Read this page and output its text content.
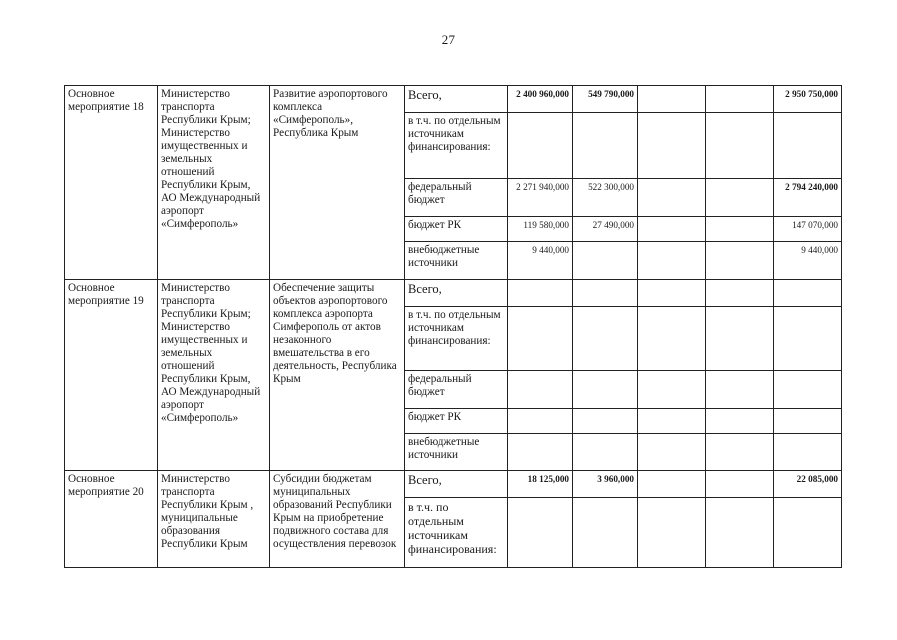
27
Основное мероприятие 18	Министерство транспорта Республики Крым; Министерство имущественных и земельных отношений Республики Крым, АО Международный аэропорт «Симферополь»	Развитие аэропортового комплекса «Симферополь», Республика Крым	Всего,	2 400 960,000	549 790,000			2 950 750,000
			в т.ч. по отдельным источникам финансирования:					
			федеральный бюджет	2 271 940,000	522 300,000			2 794 240,000
			бюджет РК	119 580,000	27 490,000			147 070,000
			внебюджетные источники	9 440,000				9 440,000
Основное мероприятие 19	Министерство транспорта Республики Крым; Министерство имущественных и земельных отношений Республики Крым, АО Международный аэропорт «Симферополь»	Обеспечение защиты объектов аэропортового комплекса аэропорта Симферополь от актов незаконного вмешательства в его деятельность, Республика Крым	Всего,					
			в т.ч. по отдельным источникам финансирования:					
			федеральный бюджет					
			бюджет РК					
			внебюджетные источники					
Основное мероприятие 20	Министерство транспорта Республики Крым , муниципальные образования Республики Крым	Субсидии бюджетам муниципальных образований Республики Крым на приобретение подвижного состава для осуществления перевозок	Всего,	18 125,000	3 960,000			22 085,000
			в т.ч. по отдельным источникам финансирования:					
